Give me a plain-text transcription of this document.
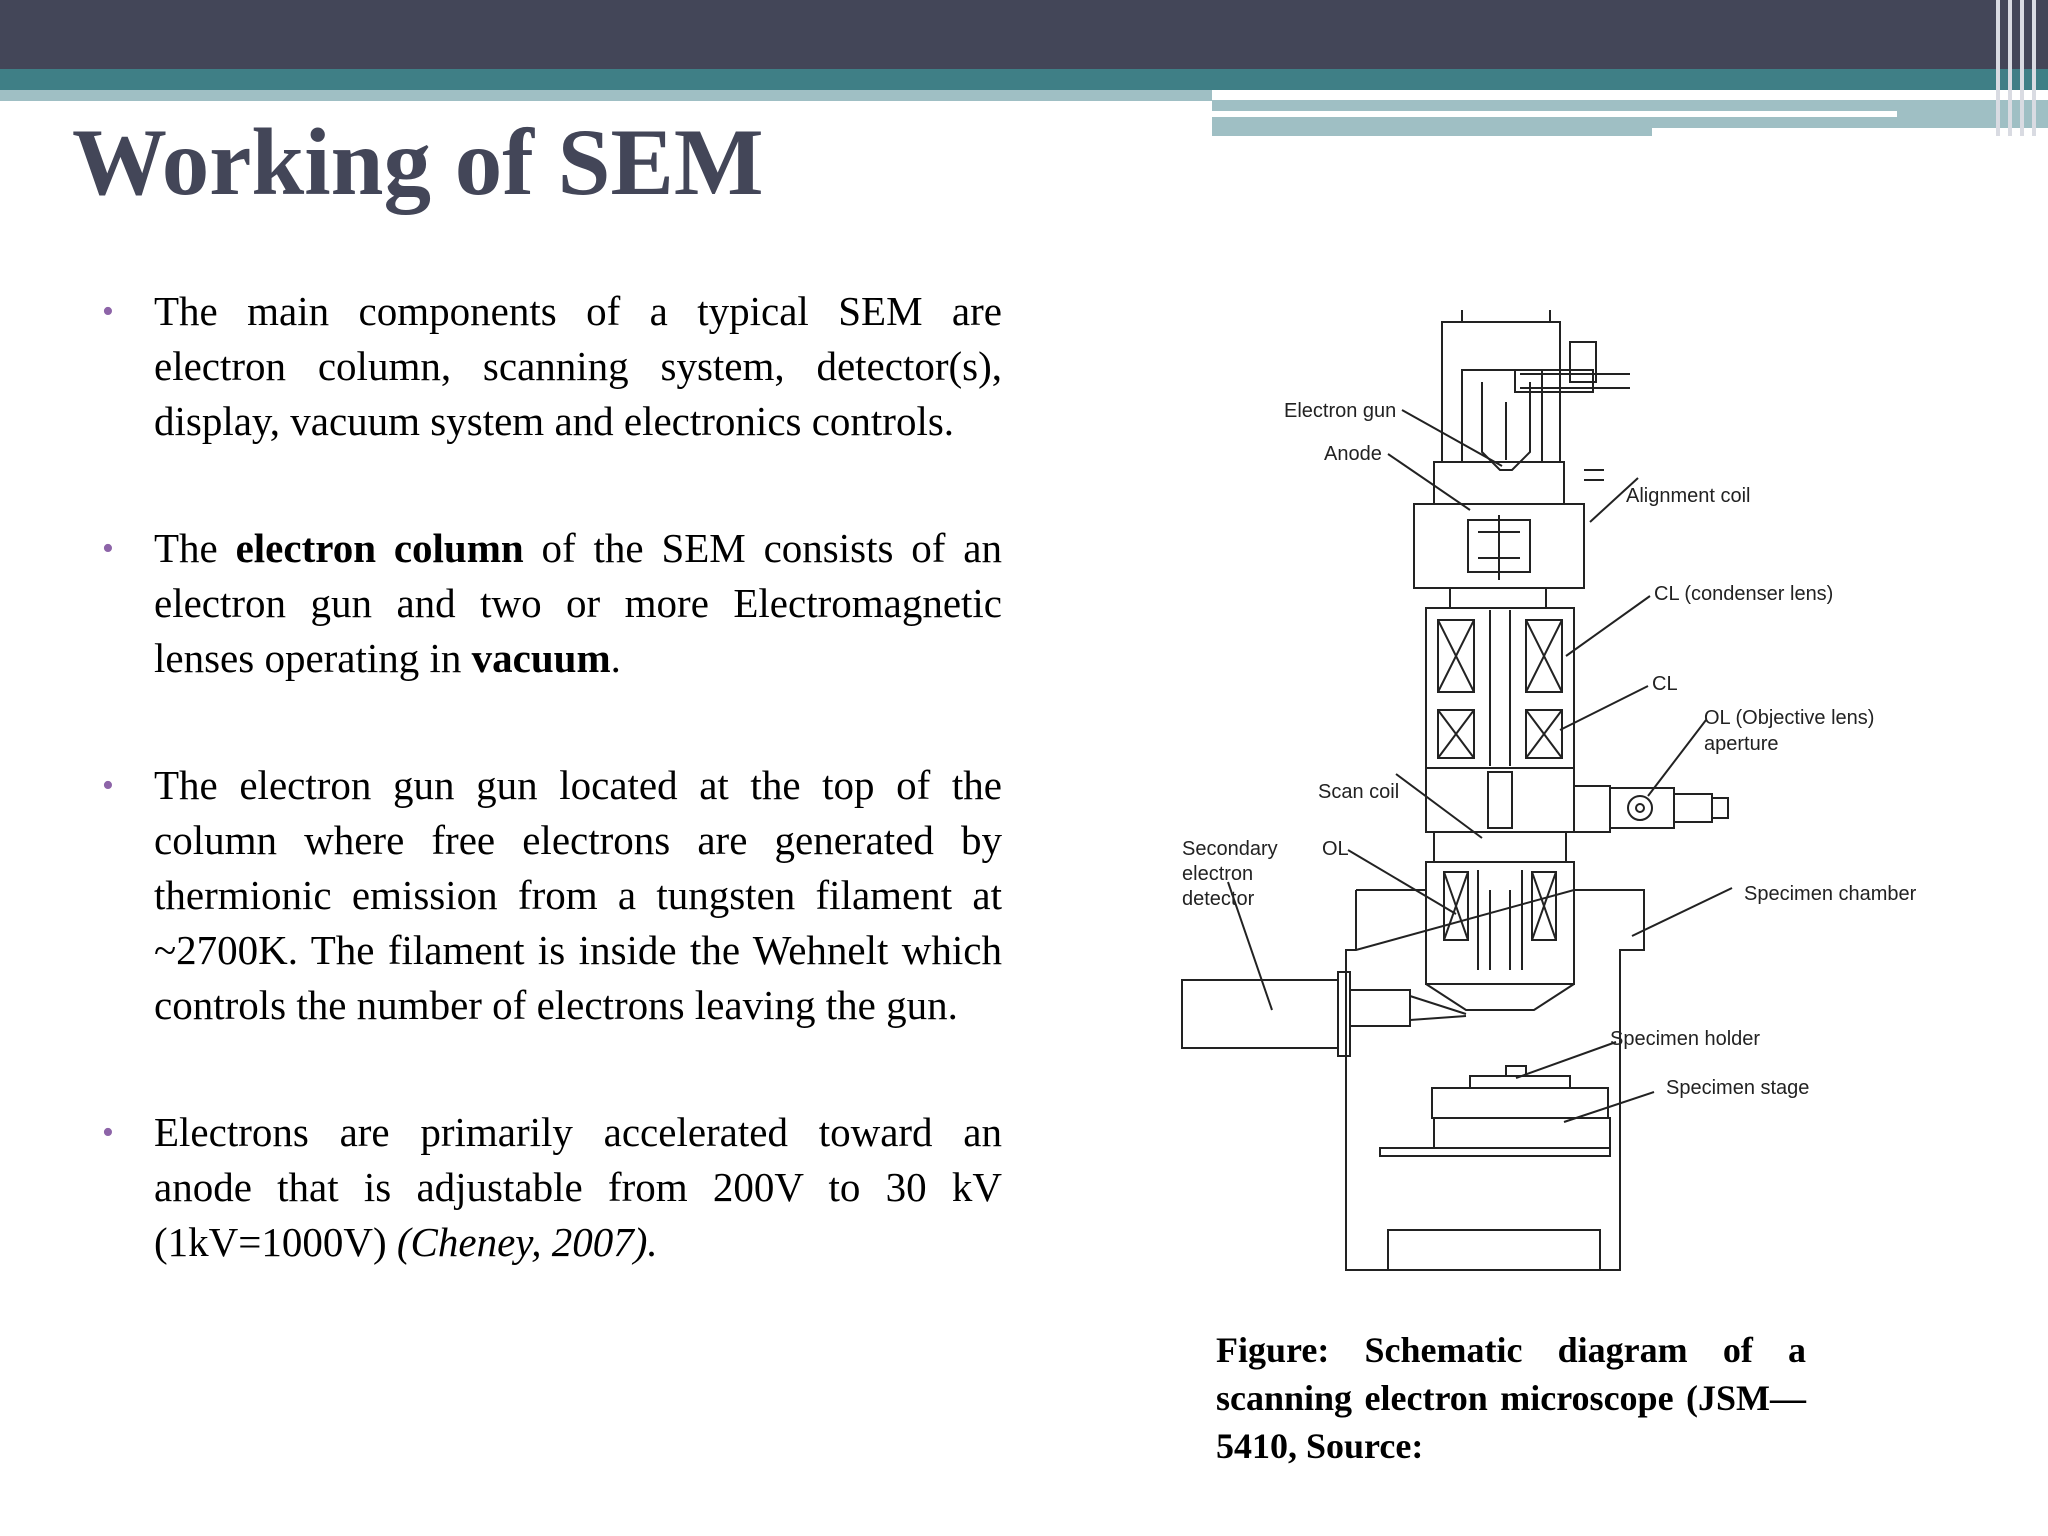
Working of SEM
• The main components of a typical SEM are electron column, scanning system, detector(s), display, vacuum system and electronics controls.
• The electron column of the SEM consists of an electron gun and two or more Electromagnetic lenses operating in vacuum.
• The electron gun gun located at the top of the column where free electrons are generated by thermionic emission from a tungsten filament at ~2700K. The filament is inside the Wehnelt which controls the number of electrons leaving the gun.
• Electrons are primarily accelerated toward an anode that is adjustable from 200V to 30 kV (1kV=1000V) (Cheney, 2007).
Electron gun
Anode
Alignment coil
CL (condenser lens)
CL
OL (Objective lens)
aperture
Scan coil
Secondary
electron
detector
OL
Specimen chamber
Specimen holder
Specimen stage

Figure: Schematic diagram of a scanning electron microscope (JSM—5410, Source:
